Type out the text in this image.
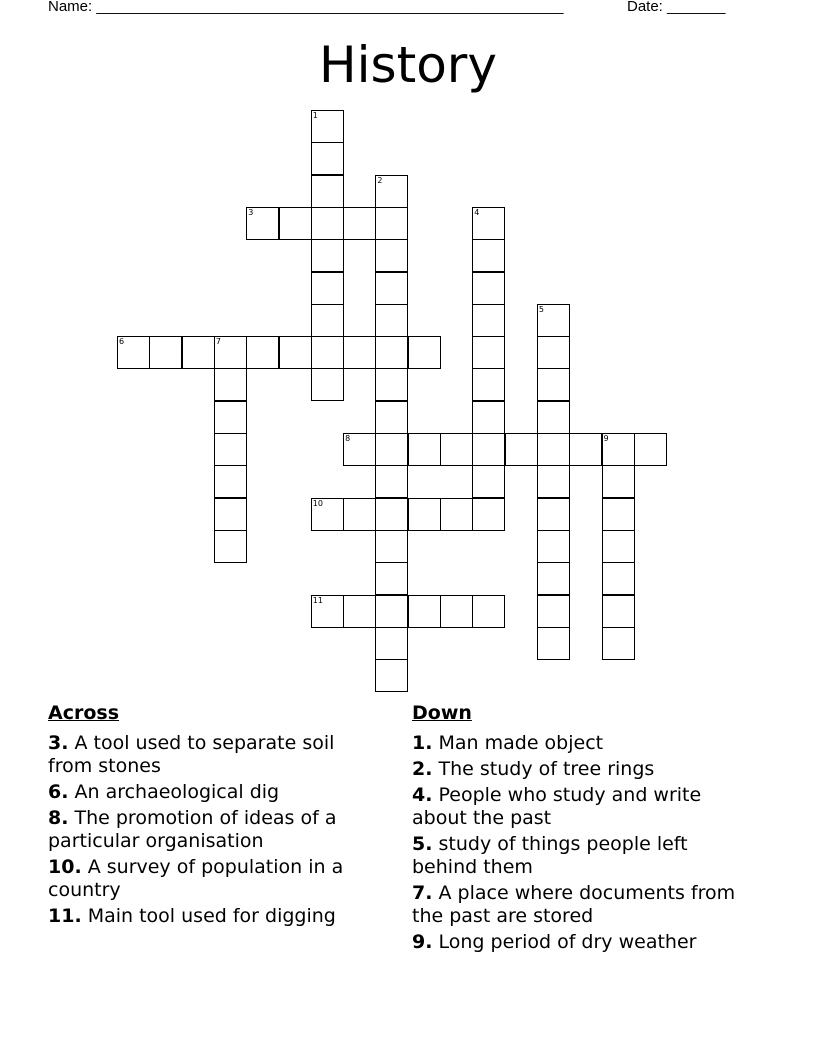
Name: ________________________________________________________	Date: _______
History
1
2
3	4
5
6	7
8	9
10
11
Across
3. A tool used to separate soil from stones
6. An archaeological dig
8. The promotion of ideas of a particular organisation
10. A survey of population in a country
11. Main tool used for digging
Down
1. Man made object
2. The study of tree rings
4. People who study and write about the past
5. study of things people left behind them
7. A place where documents from the past are stored
9. Long period of dry weather
